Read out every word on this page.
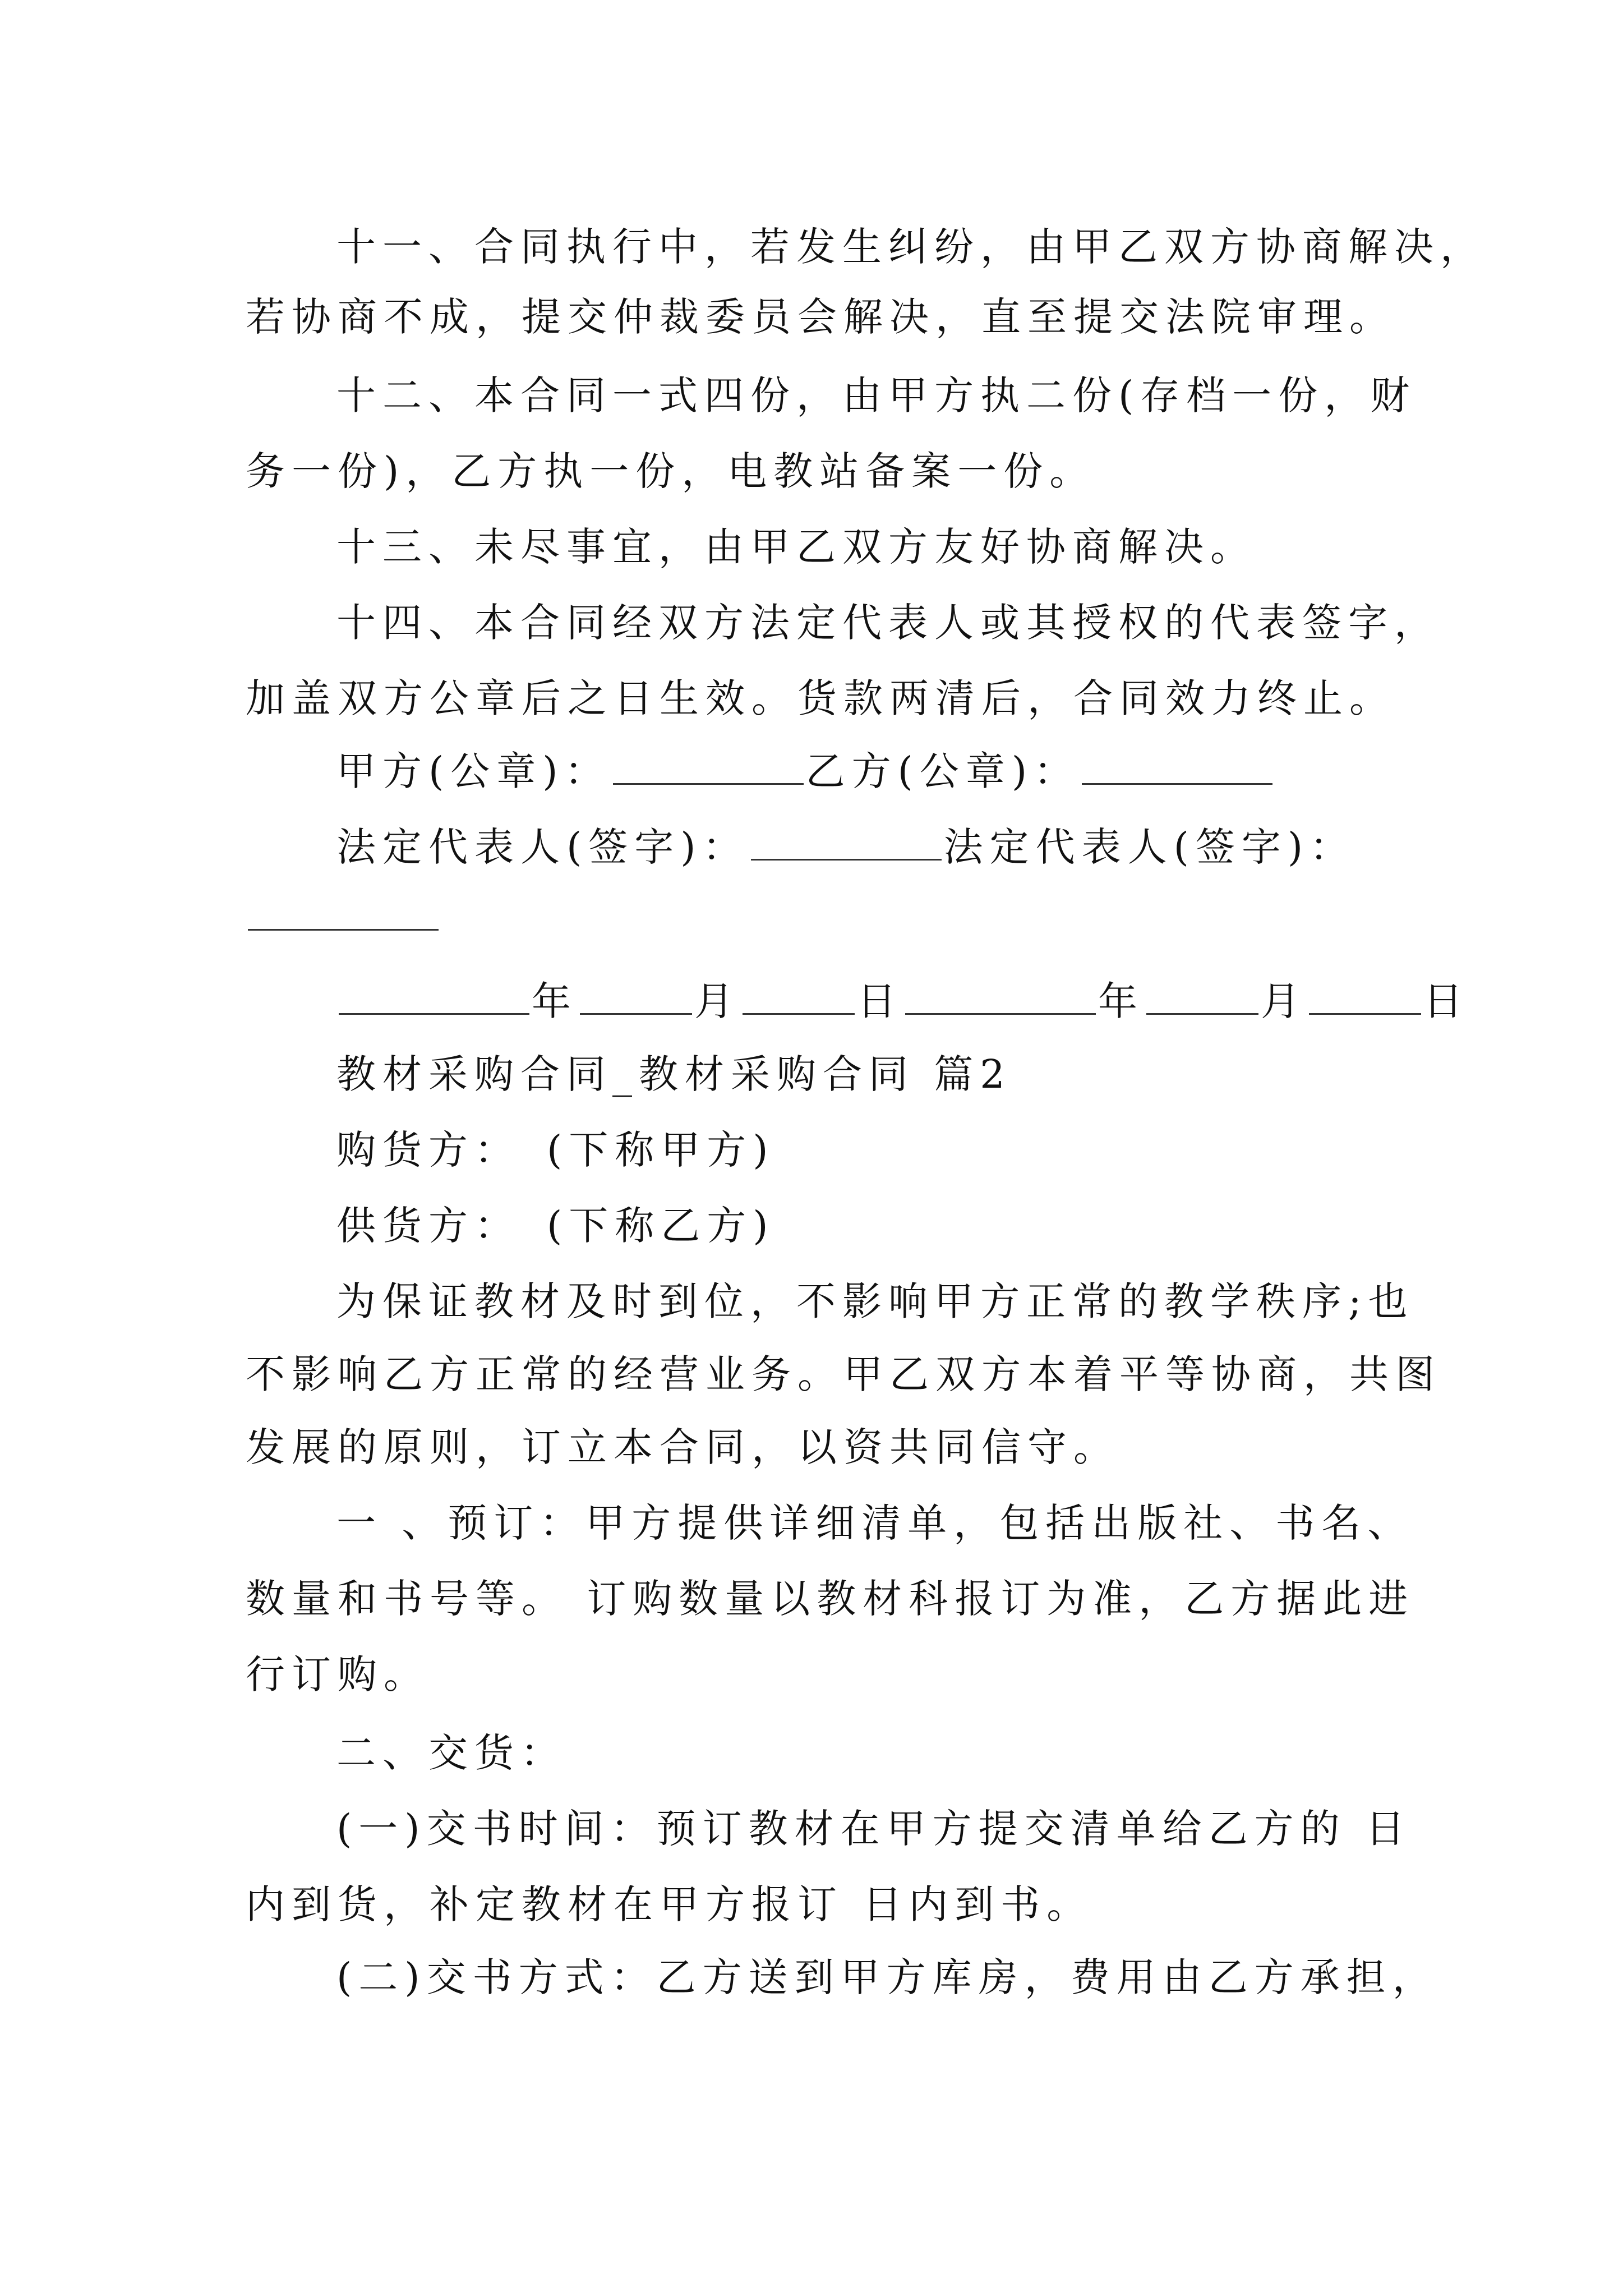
十一、合同执行中，若发生纠纷，由甲乙双方协商解决，
若协商不成，提交仲裁委员会解决，直至提交法院审理。
十二、本合同一式四份，由甲方执二份(存档一份，财
务一份)，乙方执一份，电教站备案一份。
十三、未尽事宜，由甲乙双方友好协商解决。
十四、本合同经双方法定代表人或其授权的代表签字，
加盖双方公章后之日生效。货款两清后，合同效力终止。
甲方(公章)：	乙方(公章)：
法定代表人(签字)：	法定代表人(签字)：
年	月	日	年	月	日
教材采购合同_教材采购合同 篇2
购货方：　(下称甲方)
供货方：　(下称乙方)
为保证教材及时到位，不影响甲方正常的教学秩序;也
不影响乙方正常的经营业务。甲乙双方本着平等协商，共图
发展的原则，订立本合同，以资共同信守。
一 、预订：甲方提供详细清单，包括出版社、书名、
数量和书号等。 订购数量以教材科报订为准，乙方据此进
行订购。
二、交货：
(一)交书时间：预订教材在甲方提交清单给乙方的 日
内到货，补定教材在甲方报订 日内到书。
(二)交书方式：乙方送到甲方库房，费用由乙方承担，
